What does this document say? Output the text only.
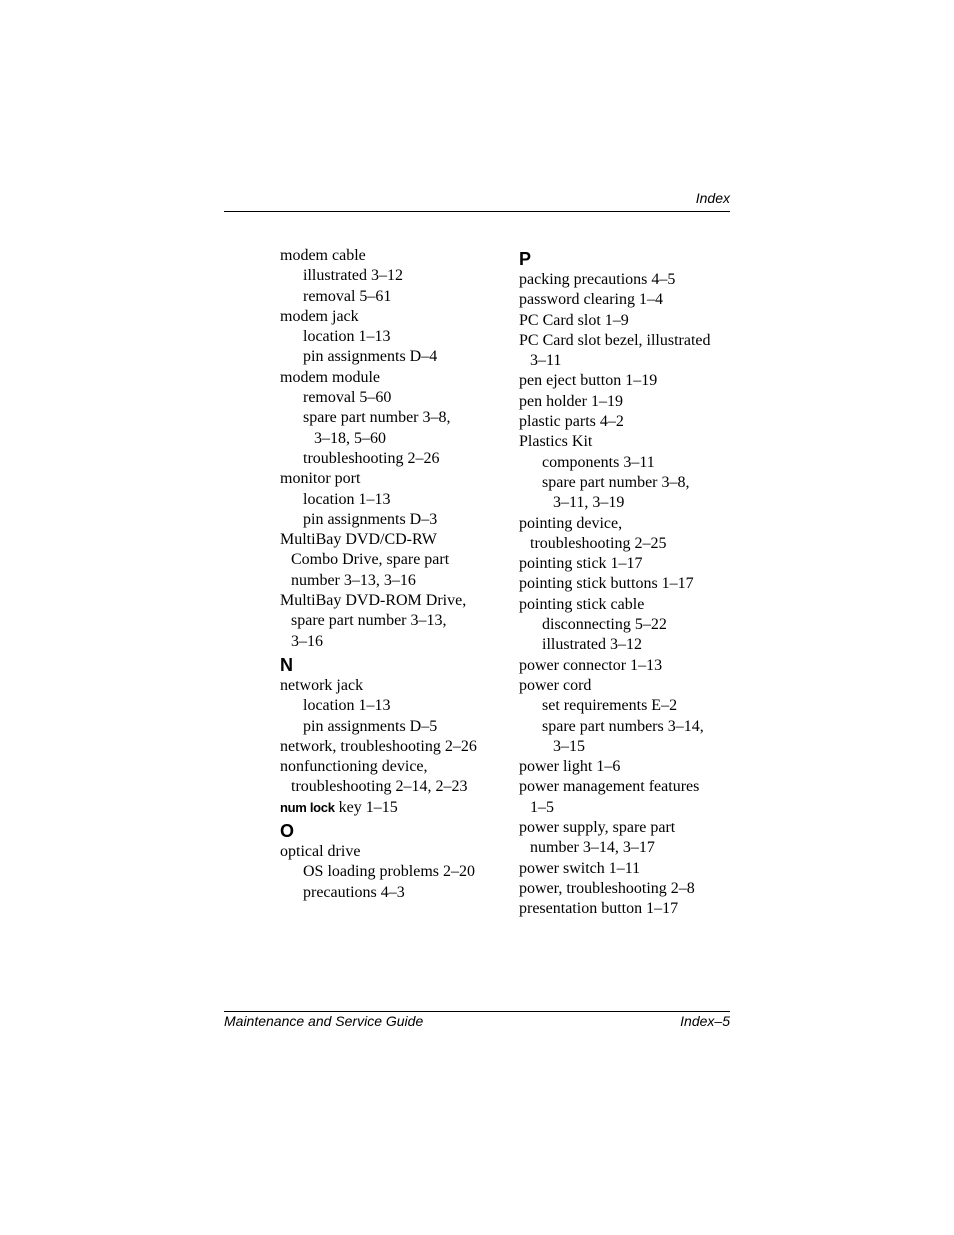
Index
modem cable
illustrated 3–12
removal 5–61
modem jack
location 1–13
pin assignments D–4
modem module
removal 5–60
spare part number 3–8,
3–18, 5–60
troubleshooting 2–26
monitor port
location 1–13
pin assignments D–3
MultiBay DVD/CD-RW
Combo Drive, spare part
number 3–13, 3–16
MultiBay DVD-ROM Drive,
spare part number 3–13,
3–16
N
network jack
location 1–13
pin assignments D–5
network, troubleshooting 2–26
nonfunctioning device,
troubleshooting 2–14, 2–23
num lock key 1–15
O
optical drive
OS loading problems 2–20
precautions 4–3
P
packing precautions 4–5
password clearing 1–4
PC Card slot 1–9
PC Card slot bezel, illustrated
3–11
pen eject button 1–19
pen holder 1–19
plastic parts 4–2
Plastics Kit
components 3–11
spare part number 3–8,
3–11, 3–19
pointing device,
troubleshooting 2–25
pointing stick 1–17
pointing stick buttons 1–17
pointing stick cable
disconnecting 5–22
illustrated 3–12
power connector 1–13
power cord
set requirements E–2
spare part numbers 3–14,
3–15
power light 1–6
power management features
1–5
power supply, spare part
number 3–14, 3–17
power switch 1–11
power, troubleshooting 2–8
presentation button 1–17
Maintenance and Service Guide	Index–5
